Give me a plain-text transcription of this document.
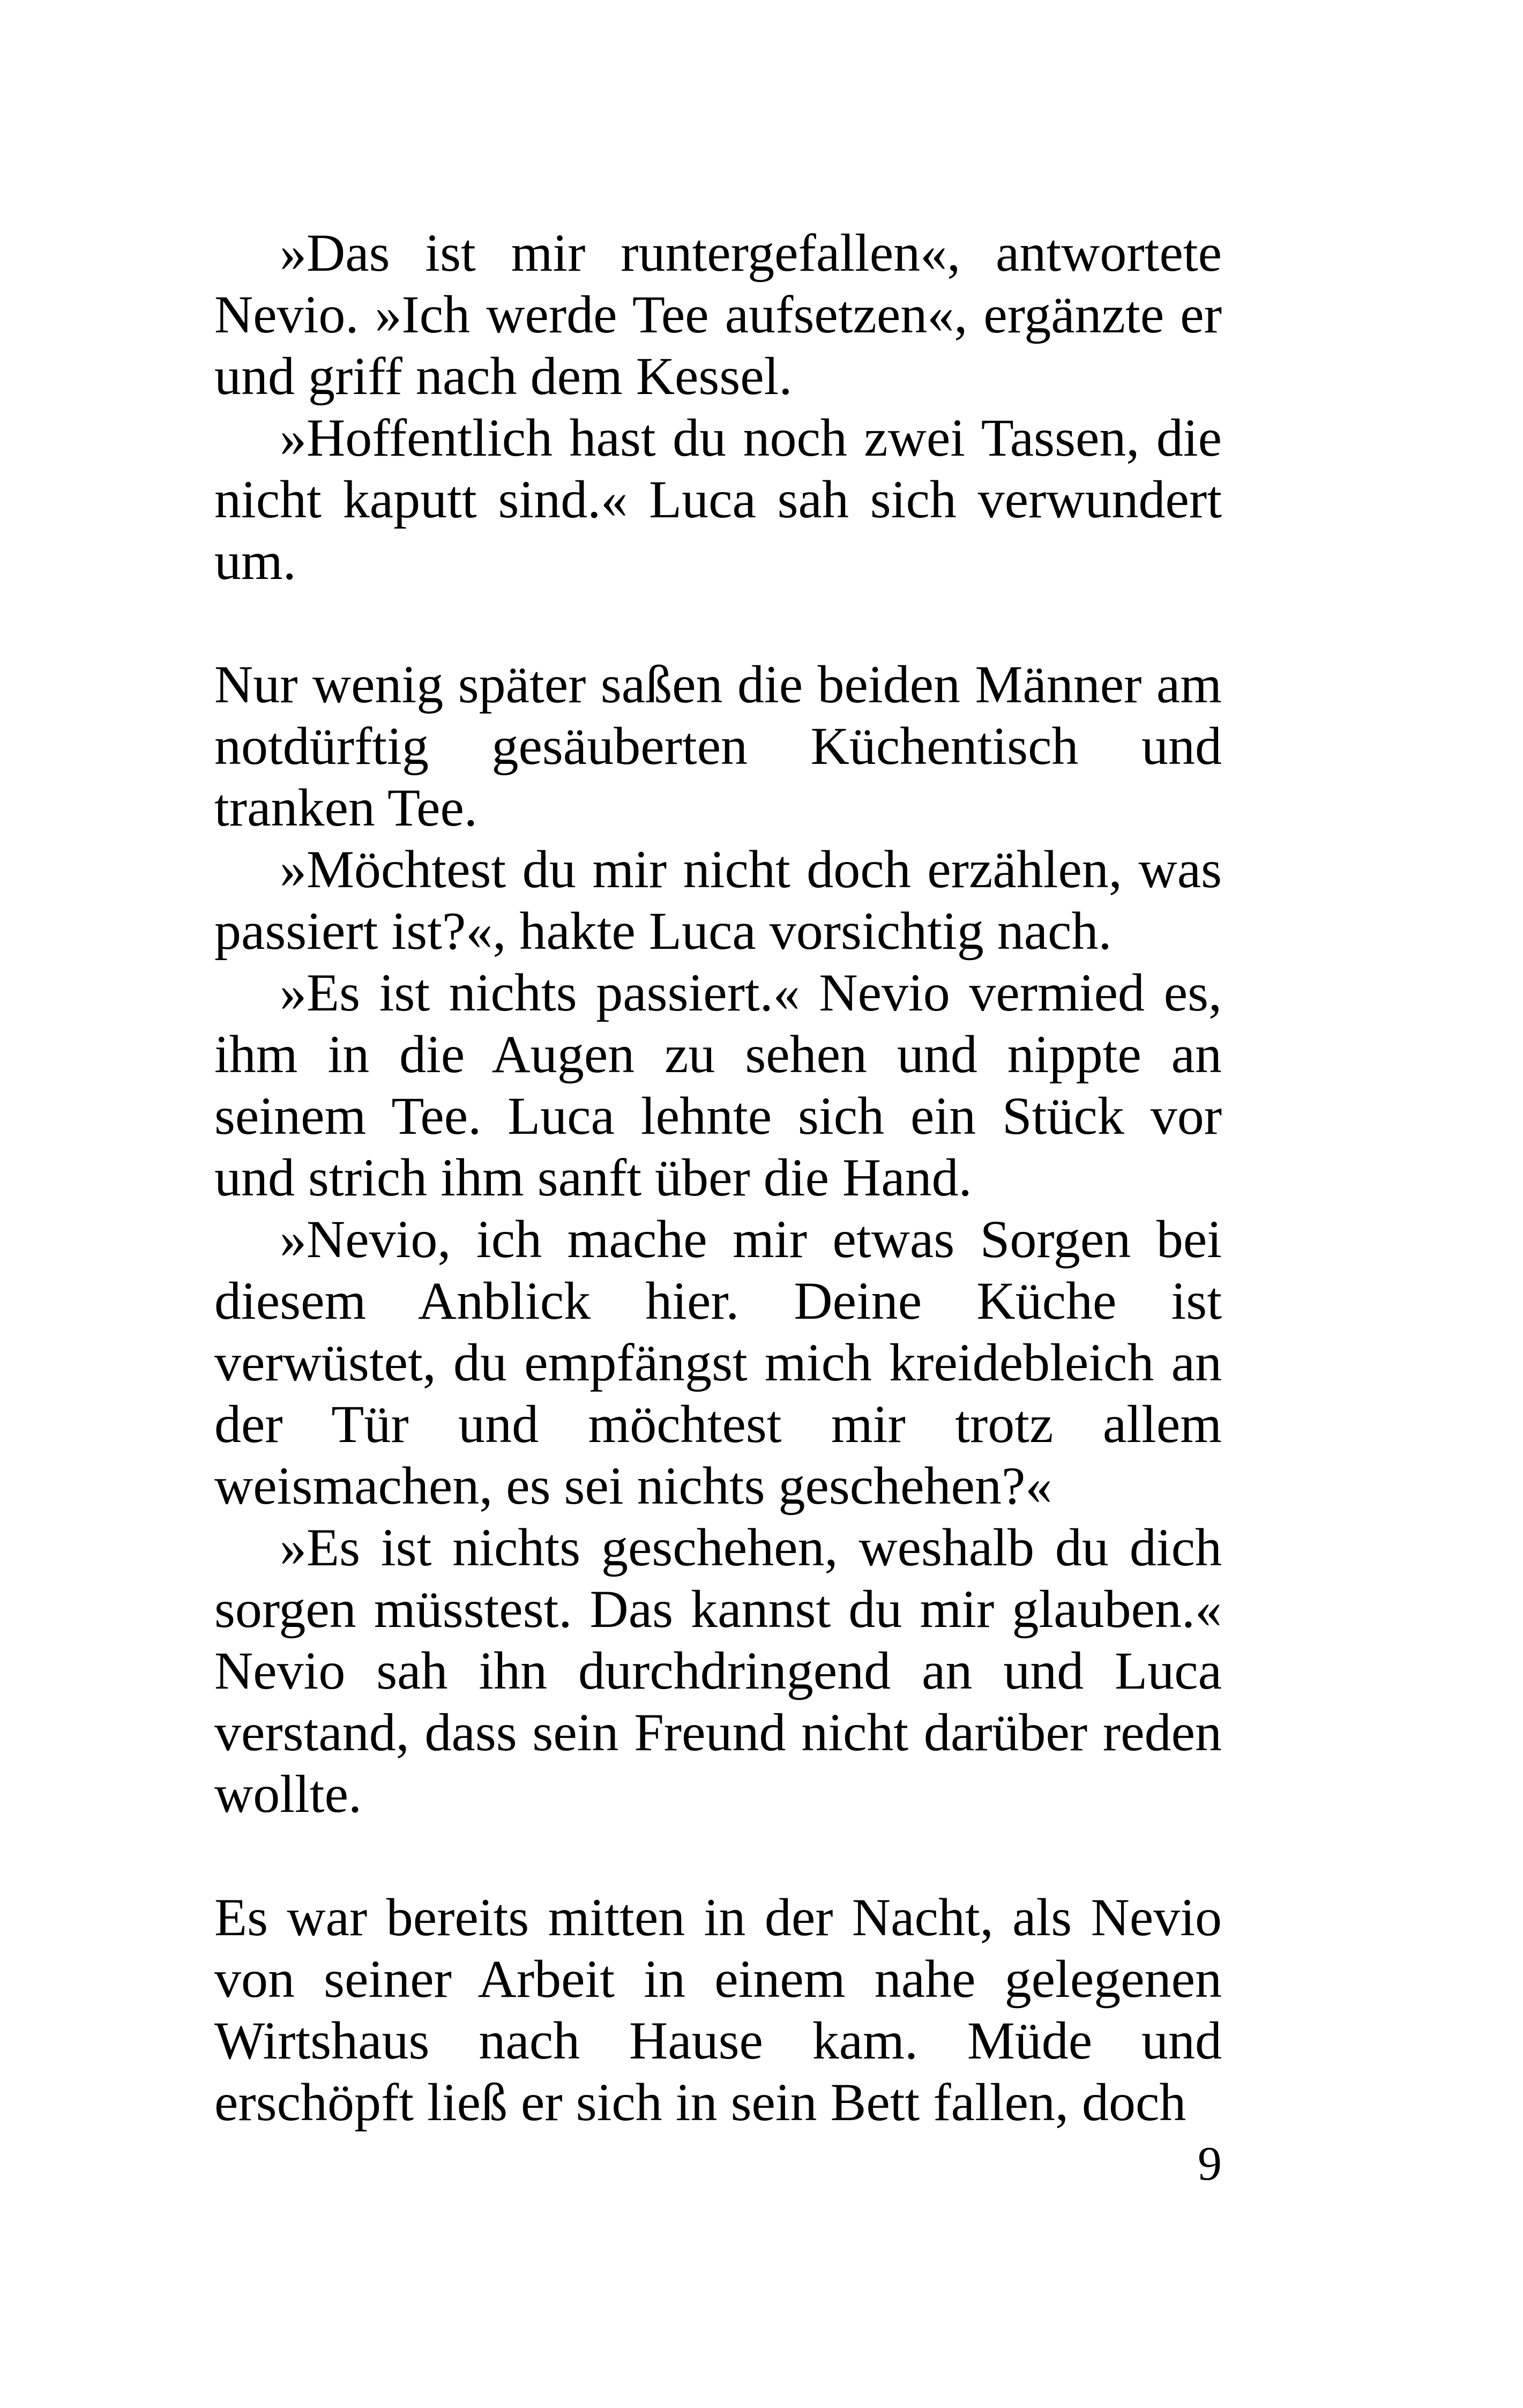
»Das ist mir runtergefallen«, antwortete
Nevio. »Ich werde Tee aufsetzen«, ergänzte er
und griff nach dem Kessel.
»Hoffentlich hast du noch zwei Tassen, die
nicht kaputt sind.« Luca sah sich verwundert
um.
Nur wenig später saßen die beiden Männer am
notdürftig gesäuberten Küchentisch und
tranken Tee.
»Möchtest du mir nicht doch erzählen, was
passiert ist?«, hakte Luca vorsichtig nach.
»Es ist nichts passiert.« Nevio vermied es,
ihm in die Augen zu sehen und nippte an
seinem Tee. Luca lehnte sich ein Stück vor
und strich ihm sanft über die Hand.
»Nevio, ich mache mir etwas Sorgen bei
diesem Anblick hier. Deine Küche ist
verwüstet, du empfängst mich kreidebleich an
der Tür und möchtest mir trotz allem
weismachen, es sei nichts geschehen?«
»Es ist nichts geschehen, weshalb du dich
sorgen müsstest. Das kannst du mir glauben.«
Nevio sah ihn durchdringend an und Luca
verstand, dass sein Freund nicht darüber reden
wollte.
Es war bereits mitten in der Nacht, als Nevio
von seiner Arbeit in einem nahe gelegenen
Wirtshaus nach Hause kam. Müde und
erschöpft ließ er sich in sein Bett fallen, doch
9
